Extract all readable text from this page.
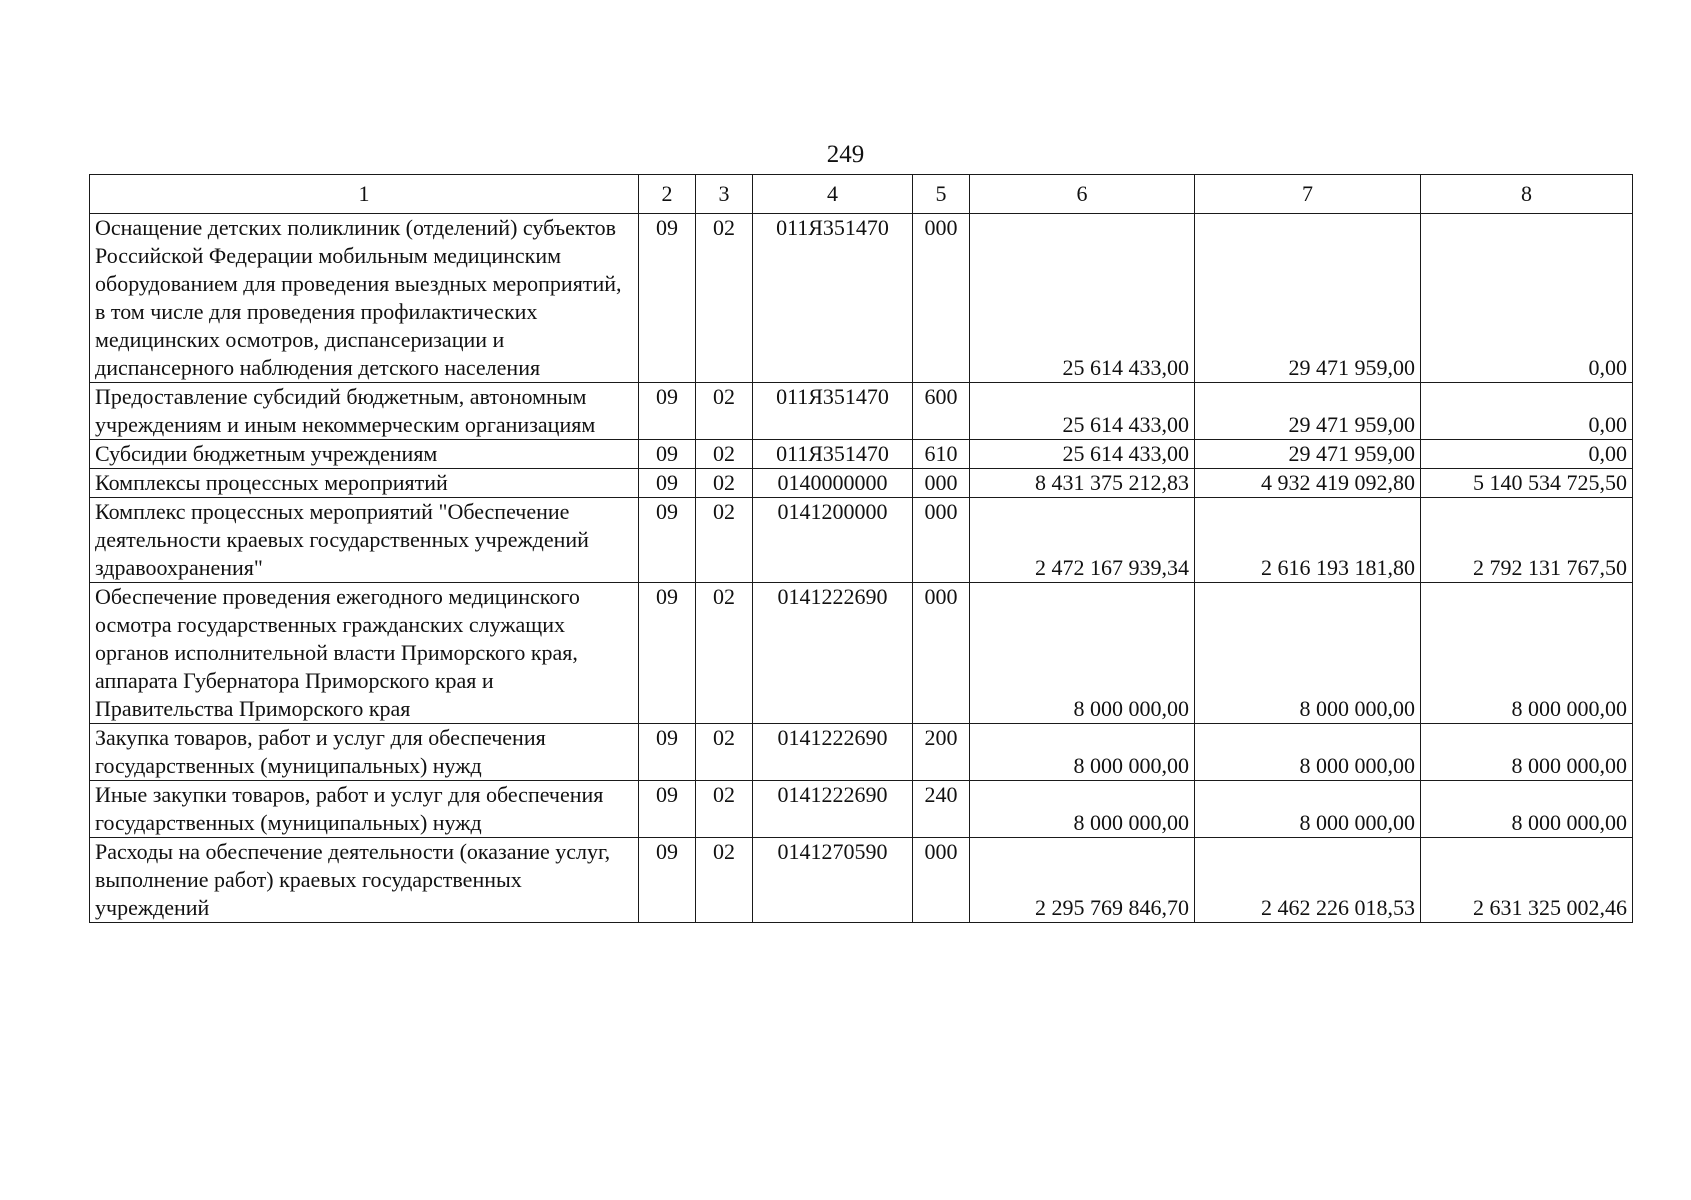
249
1	2	3	4	5	6	7	8
Оснащение детских поликлиник (отделений) субъектов Российской Федерации мобильным медицинским оборудованием для проведения выездных мероприятий, в том числе для проведения профилактических медицинских осмотров, диспансеризации и диспансерного наблюдения детского населения	09	02	011Я351470	000	25 614 433,00	29 471 959,00	0,00
Предоставление субсидий бюджетным, автономным учреждениям и иным некоммерческим организациям	09	02	011Я351470	600	25 614 433,00	29 471 959,00	0,00
Субсидии бюджетным учреждениям	09	02	011Я351470	610	25 614 433,00	29 471 959,00	0,00
Комплексы процессных мероприятий	09	02	0140000000	000	8 431 375 212,83	4 932 419 092,80	5 140 534 725,50
Комплекс процессных мероприятий "Обеспечение деятельности краевых государственных учреждений здравоохранения"	09	02	0141200000	000	2 472 167 939,34	2 616 193 181,80	2 792 131 767,50
Обеспечение проведения ежегодного медицинского осмотра государственных гражданских служащих органов исполнительной власти Приморского края, аппарата Губернатора Приморского края и Правительства Приморского края	09	02	0141222690	000	8 000 000,00	8 000 000,00	8 000 000,00
Закупка товаров, работ и услуг для обеспечения государственных (муниципальных) нужд	09	02	0141222690	200	8 000 000,00	8 000 000,00	8 000 000,00
Иные закупки товаров, работ и услуг для обеспечения государственных (муниципальных) нужд	09	02	0141222690	240	8 000 000,00	8 000 000,00	8 000 000,00
Расходы на обеспечение деятельности (оказание услуг, выполнение работ) краевых государственных учреждений	09	02	0141270590	000	2 295 769 846,70	2 462 226 018,53	2 631 325 002,46
